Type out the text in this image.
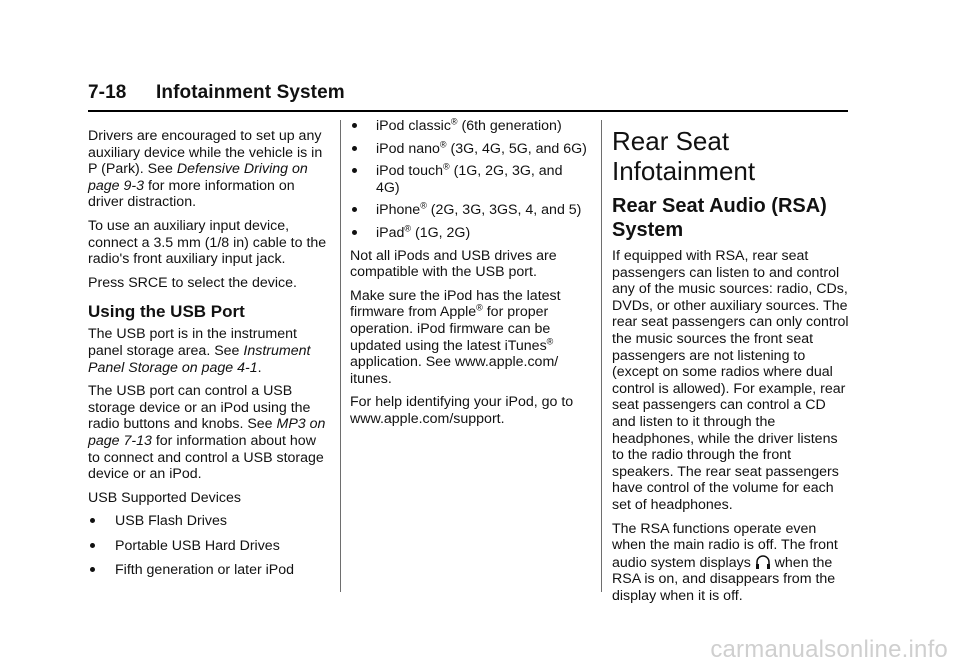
7-18 Infotainment System

Drivers are encouraged to set up any auxiliary device while the vehicle is in P (Park). See Defensive Driving on page 9-3 for more information on driver distraction.

To use an auxiliary input device, connect a 3.5 mm (1/8 in) cable to the radio's front auxiliary input jack.

Press SRCE to select the device.

Using the USB Port

The USB port is in the instrument panel storage area. See Instrument Panel Storage on page 4-1.

The USB port can control a USB storage device or an iPod using the radio buttons and knobs. See MP3 on page 7-13 for information about how to connect and control a USB storage device or an iPod.

USB Supported Devices

USB Flash Drives
Portable USB Hard Drives
Fifth generation or later iPod
iPod classic® (6th generation)
iPod nano® (3G, 4G, 5G, and 6G)
iPod touch® (1G, 2G, 3G, and 4G)
iPhone® (2G, 3G, 3GS, 4, and 5)
iPad® (1G, 2G)

Not all iPods and USB drives are compatible with the USB port.

Make sure the iPod has the latest firmware from Apple® for proper operation. iPod firmware can be updated using the latest iTunes® application. See www.apple.com/ itunes.

For help identifying your iPod, go to www.apple.com/support.

Rear Seat Infotainment
Rear Seat Audio (RSA) System

If equipped with RSA, rear seat passengers can listen to and control any of the music sources: radio, CDs, DVDs, or other auxiliary sources. The rear seat passengers can only control the music sources the front seat passengers are not listening to (except on some radios where dual control is allowed). For example, rear seat passengers can control a CD and listen to it through the headphones, while the driver listens to the radio through the front speakers. The rear seat passengers have control of the volume for each set of headphones.

The RSA functions operate even when the main radio is off. The front audio system displays  when the RSA is on, and disappears from the display when it is off.

carmanualsonline.info
